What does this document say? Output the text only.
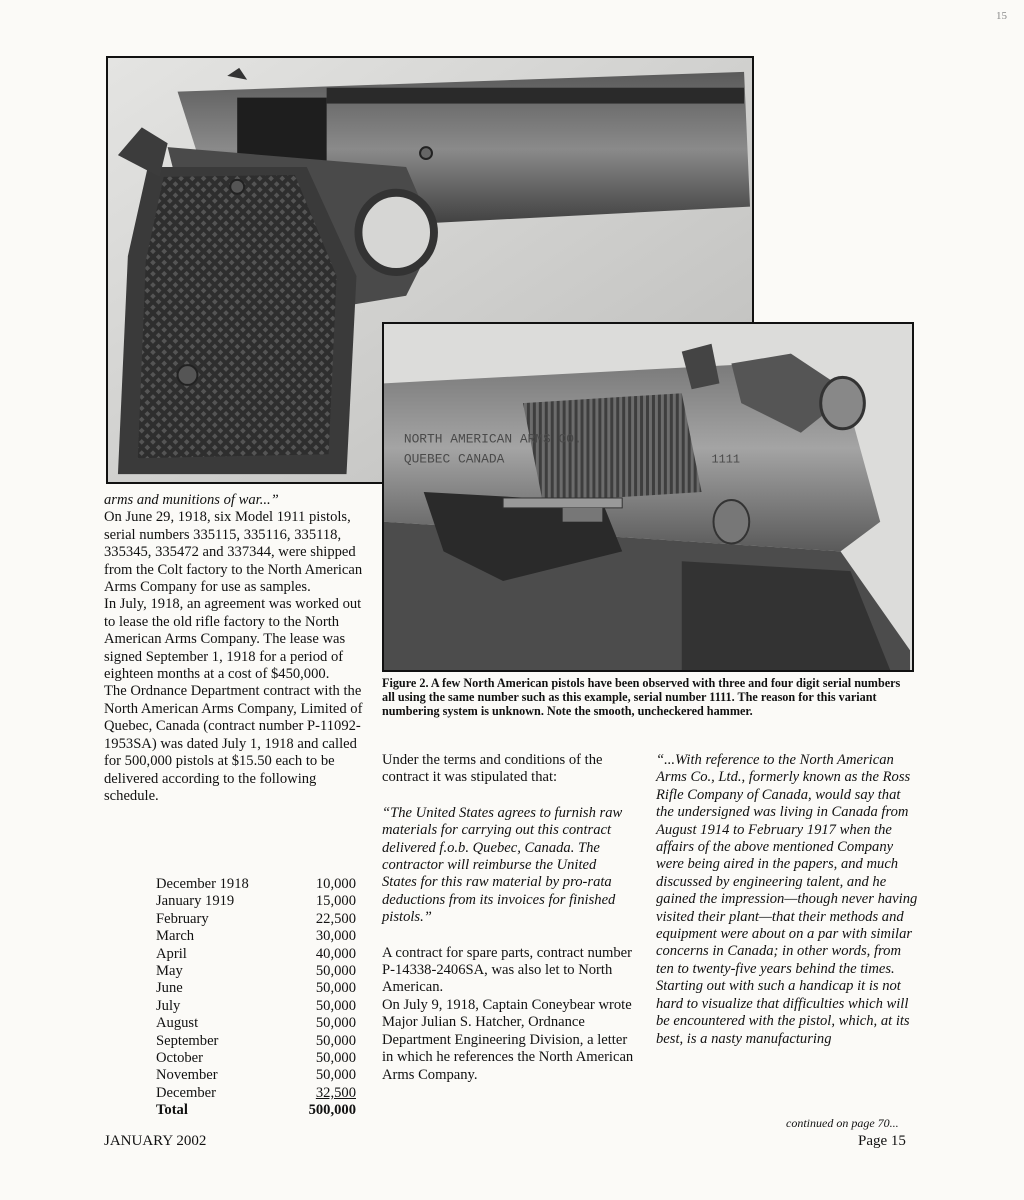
15
NORTH AMERICAN ARMS CO.
QUEBEC CANADA	1111
Figure 2. A few North American pistols have been observed with three and four digit serial numbers all using the same number such as this example, serial number 1111. The reason for this variant numbering system is unknown. Note the smooth, uncheckered hammer.

arms and munitions of war...”

On June 29, 1918, six Model 1911 pistols, serial numbers 335115, 335116, 335118, 335345, 335472 and 337344, were shipped from the Colt factory to the North American Arms Company for use as samples.

In July, 1918, an agreement was worked out to lease the old rifle factory to the North American Arms Company. The lease was signed September 1, 1918 for a period of eighteen months at a cost of $450,000.

The Ordnance Department contract with the North American Arms Company, Limited of Quebec, Canada (contract number P-11092-1953SA) was dated July 1, 1918 and called for 500,000 pistols at $15.50 each to be delivered according to the following schedule.

December 1918	10,000
January 1919	15,000
February	22,500
March	30,000
April	40,000
May	50,000
June	50,000
July	50,000
August	50,000
September	50,000
October	50,000
November	50,000
December	32,500
Total	500,000

Under the terms and conditions of the contract it was stipulated that:

“The United States agrees to furnish raw materials for carrying out this contract delivered f.o.b. Quebec, Canada. The contractor will reimburse the United States for this raw material by pro-rata deductions from its invoices for finished pistols.”

A contract for spare parts, contract number P-14338-2406SA, was also let to North American.

On July 9, 1918, Captain Coneybear wrote Major Julian S. Hatcher, Ordnance Department Engineering Division, a letter in which he references the North American Arms Company.

“...With reference to the North American Arms Co., Ltd., formerly known as the Ross Rifle Company of Canada, would say that the undersigned was living in Canada from August 1914 to February 1917 when the affairs of the above mentioned Company were being aired in the papers, and much discussed by engineering talent, and he gained the impression—though never having visited their plant—that their methods and equipment were about on a par with similar concerns in Canada; in other words, from ten to twenty-five years behind the times. Starting out with such a handicap it is not hard to visualize that difficulties which will be encountered with the pistol, which, at its best, is a nasty manufacturing

continued on page 70...
JANUARY 2002	Page 15
